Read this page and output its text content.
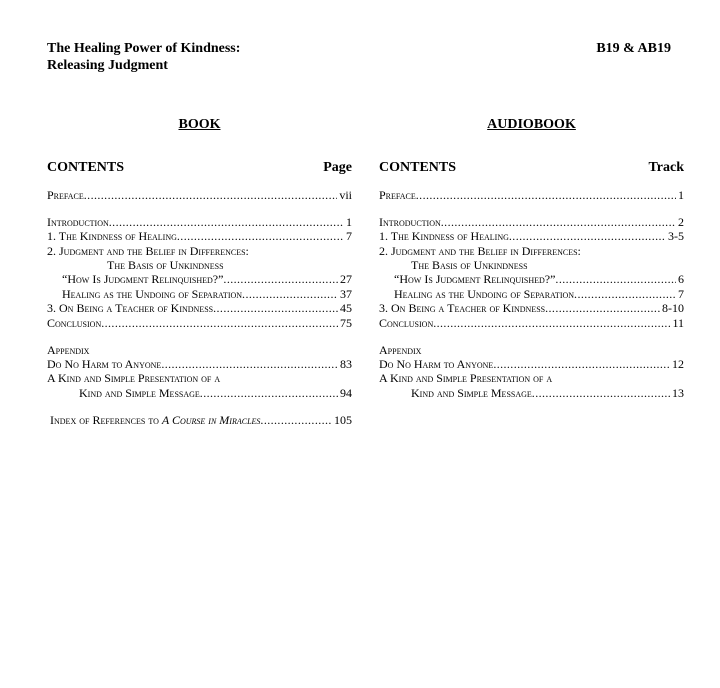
The Healing Power of Kindness:
Releasing Judgment
B19 & AB19
BOOK
CONTENTS	Page
Preface .....	vii
Introduction .....	1
1. The Kindness of Healing .....	7
2. Judgment and the Belief in Differences:
The Basis of Unkindness
“How Is Judgment Relinquished?” .....	27
Healing as the Undoing of Separation .....	37
3. On Being a Teacher of Kindness .....	45
Conclusion .....	75
Appendix
Do No Harm to Anyone .....	83
A Kind and Simple Presentation of a
Kind and Simple Message .....	94
Index of References to A Course in Miracles .....	105
AUDIOBOOK
CONTENTS	Track
Preface .....	1
Introduction .....	2
1. The Kindness of Healing .....	3-5
2. Judgment and the Belief in Differences:
The Basis of Unkindness
“How Is Judgment Relinquished?” .....	6
Healing as the Undoing of Separation .....	7
3. On Being a Teacher of Kindness .....	8-10
Conclusion .....	11
Appendix
Do No Harm to Anyone .....	12
A Kind and Simple Presentation of a
Kind and Simple Message .....	13
